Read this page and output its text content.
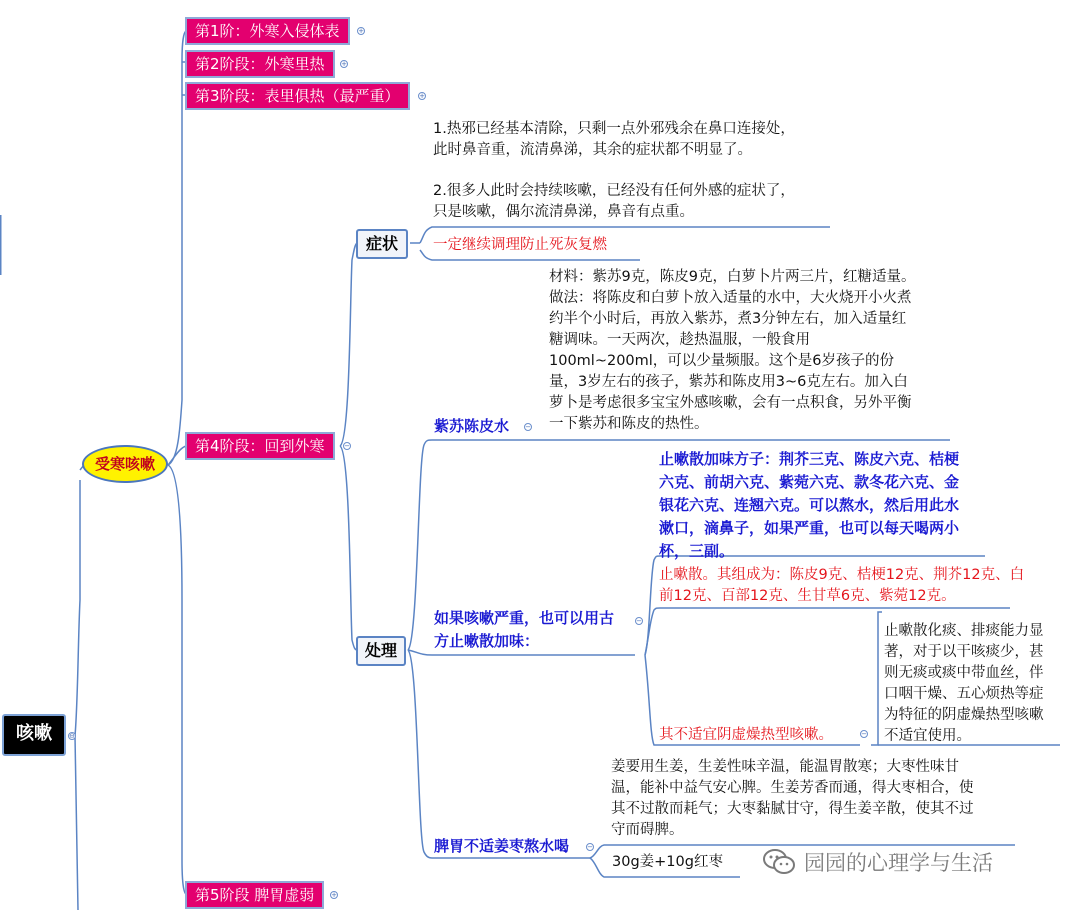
咳嗽	⊖
受寒咳嗽
第1阶：外寒入侵体表	+
第2阶段：外寒里热	+
第3阶段：表里俱热（最严重）	+
第4阶段：回到外寒	−
第5阶段 脾胃虚弱	+
症状
1.热邪已经基本清除，只剩一点外邪残余在鼻口连接处，
此时鼻音重，流清鼻涕，其余的症状都不明显了。
2.很多人此时会持续咳嗽，已经没有任何外感的症状了，
只是咳嗽，偶尔流清鼻涕，鼻音有点重。
一定继续调理防止死灰复燃
处理
紫苏陈皮水 −
材料：紫苏9克，陈皮9克，白萝卜片两三片，红糖适量。
做法：将陈皮和白萝卜放入适量的水中，大火烧开小火煮
约半个小时后，再放入紫苏，煮3分钟左右，加入适量红
糖调味。一天两次，趁热温服，一般食用
100ml~200ml，可以少量频服。这个是6岁孩子的份
量，3岁左右的孩子，紫苏和陈皮用3~6克左右。加入白
萝卜是考虑很多宝宝外感咳嗽，会有一点积食，另外平衡
一下紫苏和陈皮的热性。
如果咳嗽严重，也可以用古
方止嗽散加味：
−
止嗽散加味方子：荆芥三克、陈皮六克、桔梗
六克、前胡六克、紫菀六克、款冬花六克、金
银花六克、连翘六克。可以熬水，然后用此水
漱口，滴鼻子，如果严重，也可以每天喝两小
杯，三副。
止嗽散。其组成为：陈皮9克、桔梗12克、荆芥12克、白
前12克、百部12克、生甘草6克、紫菀12克。
其不适宜阴虚燥热型咳嗽。	−
止嗽散化痰、排痰能力显
著，对于以干咳痰少，甚
则无痰或痰中带血丝，伴
口咽干燥、五心烦热等症
为特征的阴虚燥热型咳嗽
不适宜使用。
脾胃不适姜枣熬水喝	−
姜要用生姜，生姜性味辛温，能温胃散寒；大枣性味甘
温，能补中益气安心脾。生姜芳香而通，得大枣相合，使
其不过散而耗气；大枣黏腻甘守，得生姜辛散，使其不过
守而碍脾。
30g姜+10g红枣	园园的心理学与生活
